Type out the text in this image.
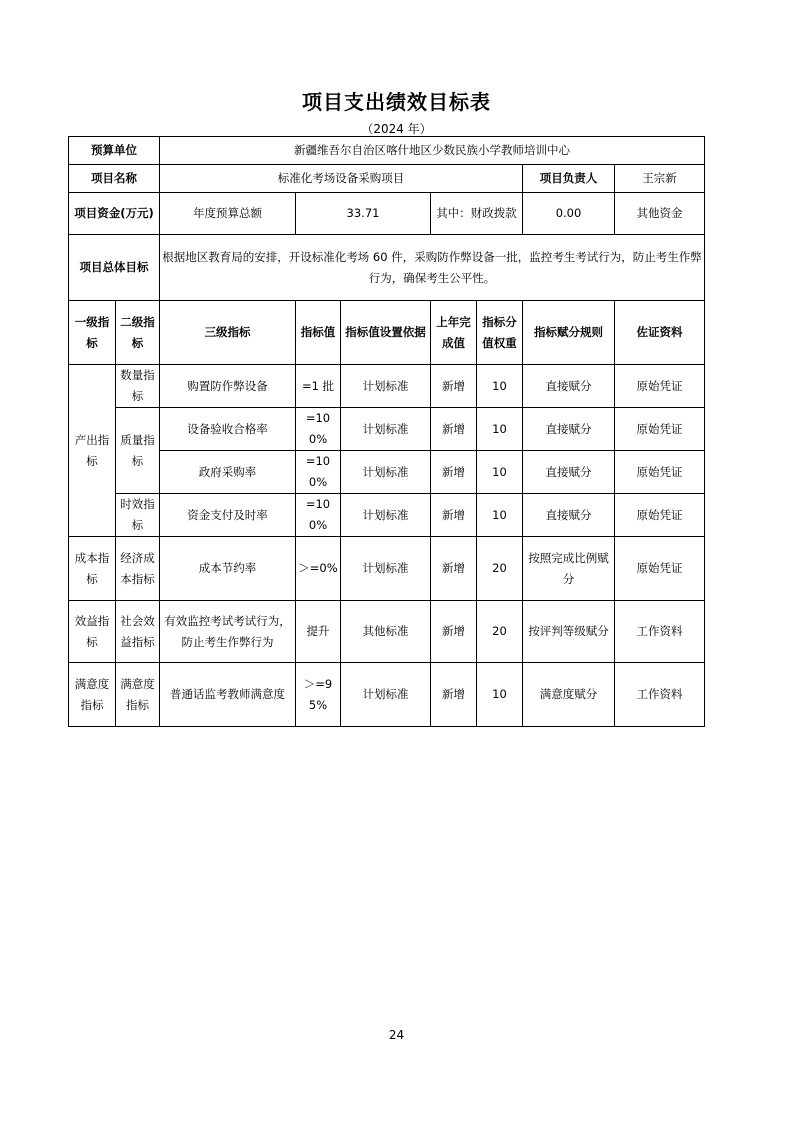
项目支出绩效目标表
（2024 年）
预算单位		新疆维吾尔自治区喀什地区少数民族小学教师培训中心						
项目名称		标准化考场设备采购项目					项目负责人	王宗新
项目资金(万元)		年度预算总额	33.71		其中：财政拨款		0.00	其他资金
项目总体目标		根据地区教育局的安排，开设标准化考场 60 件，采购防作弊设备一批，监控考生考试行为，防止考生作弊行为，确保考生公平性。						
一级指标	二级指标	三级指标	指标值	指标值设置依据	上年完成值	指标分值权重	指标赋分规则	佐证资料
产出指标	数量指标	购置防作弊设备	=1 批	计划标准	新增	10	直接赋分	原始凭证
	质量指标	设备验收合格率	=100%	计划标准	新增	10	直接赋分	原始凭证
		政府采购率	=100%	计划标准	新增	10	直接赋分	原始凭证
	时效指标	资金支付及时率	=100%	计划标准	新增	10	直接赋分	原始凭证
成本指标	经济成本指标	成本节约率	＞=0%	计划标准	新增	20	按照完成比例赋分	原始凭证
效益指标	社会效益指标	有效监控考试考试行为，防止考生作弊行为	提升	其他标准	新增	20	按评判等级赋分	工作资料
满意度指标	满意度指标	普通话监考教师满意度	＞=95%	计划标准	新增	10	满意度赋分	工作资料
24
